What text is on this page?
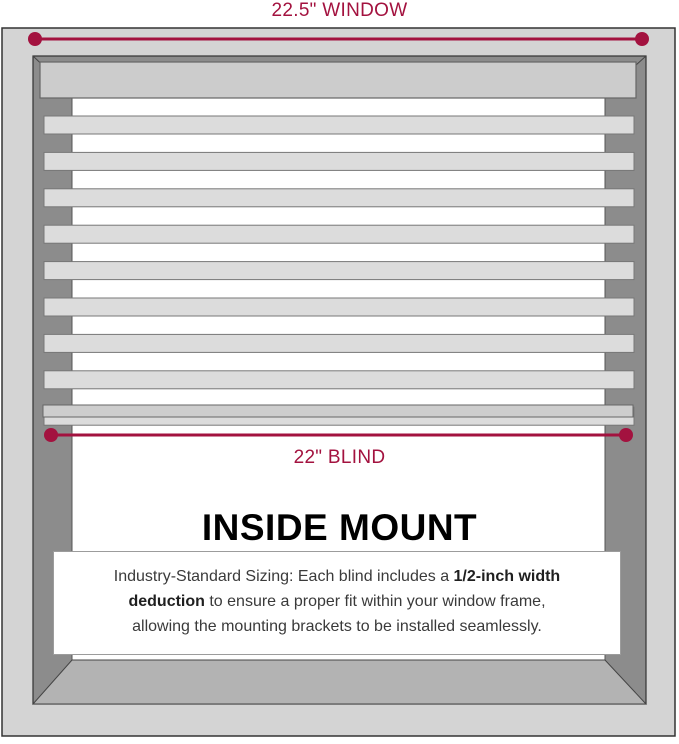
22.5" WINDOW
22" BLIND
INSIDE MOUNT
Industry-Standard Sizing: Each blind includes a 1/2-inch width
deduction to ensure a proper fit within your window frame,
allowing the mounting brackets to be installed seamlessly.
